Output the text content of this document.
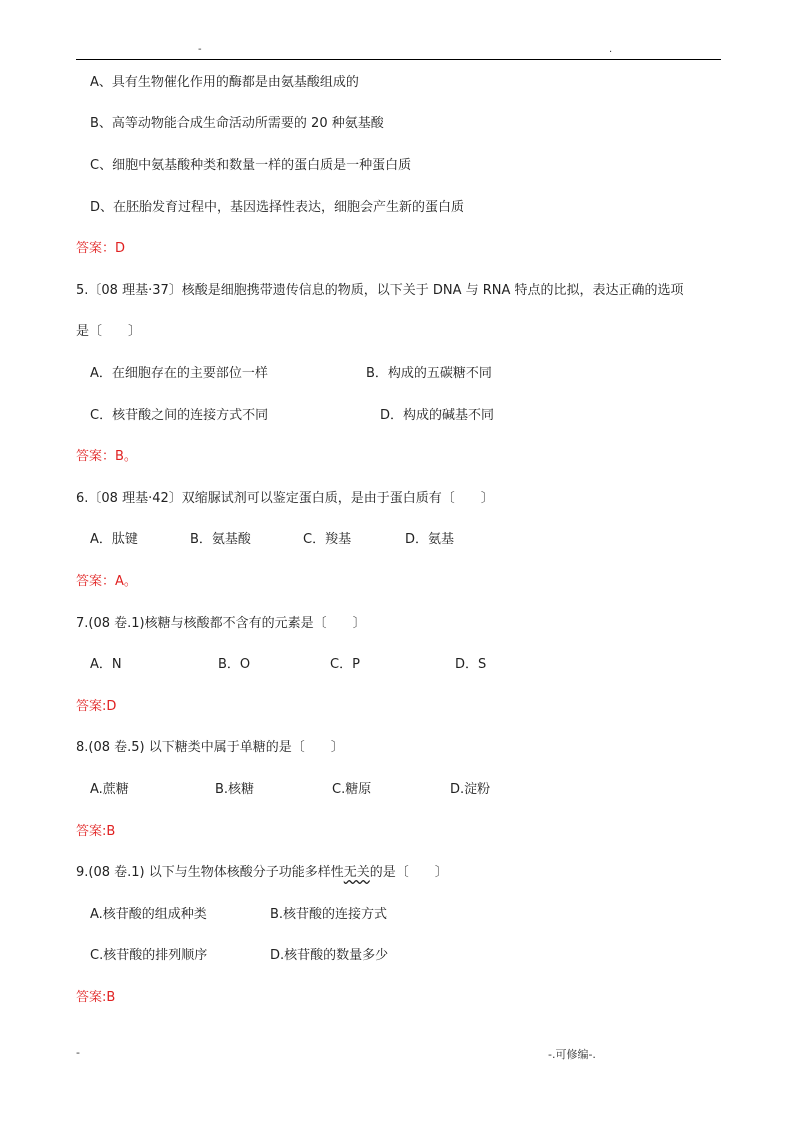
-	.
A、具有生物催化作用的酶都是由氨基酸组成的
B、高等动物能合成生命活动所需要的 20 种氨基酸
C、细胞中氨基酸种类和数量一样的蛋白质是一种蛋白质
D、在胚胎发育过程中，基因选择性表达，细胞会产生新的蛋白质
答案：D
5.〔08 理基·37〕核酸是细胞携带遗传信息的物质，以下关于 DNA 与 RNA 特点的比拟，表达正确的选项
是〔　　〕
A．在细胞存在的主要部位一样	B．构成的五碳糖不同
C．核苷酸之间的连接方式不同	D．构成的碱基不同
答案：B。
6.〔08 理基·42〕双缩脲试剂可以鉴定蛋白质，是由于蛋白质有〔　　〕
A．肽键	B．氨基酸	C．羧基	D．氨基
答案：A。
7.(08 卷.1)核糖与核酸都不含有的元素是〔　　〕
A．N	B．O	C．P	D．S
答案:D
8.(08 卷.5) 以下糖类中属于单糖的是〔　　〕
A.蔗糖	B.核糖	C.糖原	D.淀粉
答案:B
9.(08 卷.1) 以下与生物体核酸分子功能多样性无关的是〔　　〕
A.核苷酸的组成种类	B.核苷酸的连接方式
C.核苷酸的排列顺序	D.核苷酸的数量多少
答案:B
-	-.可修编-.
